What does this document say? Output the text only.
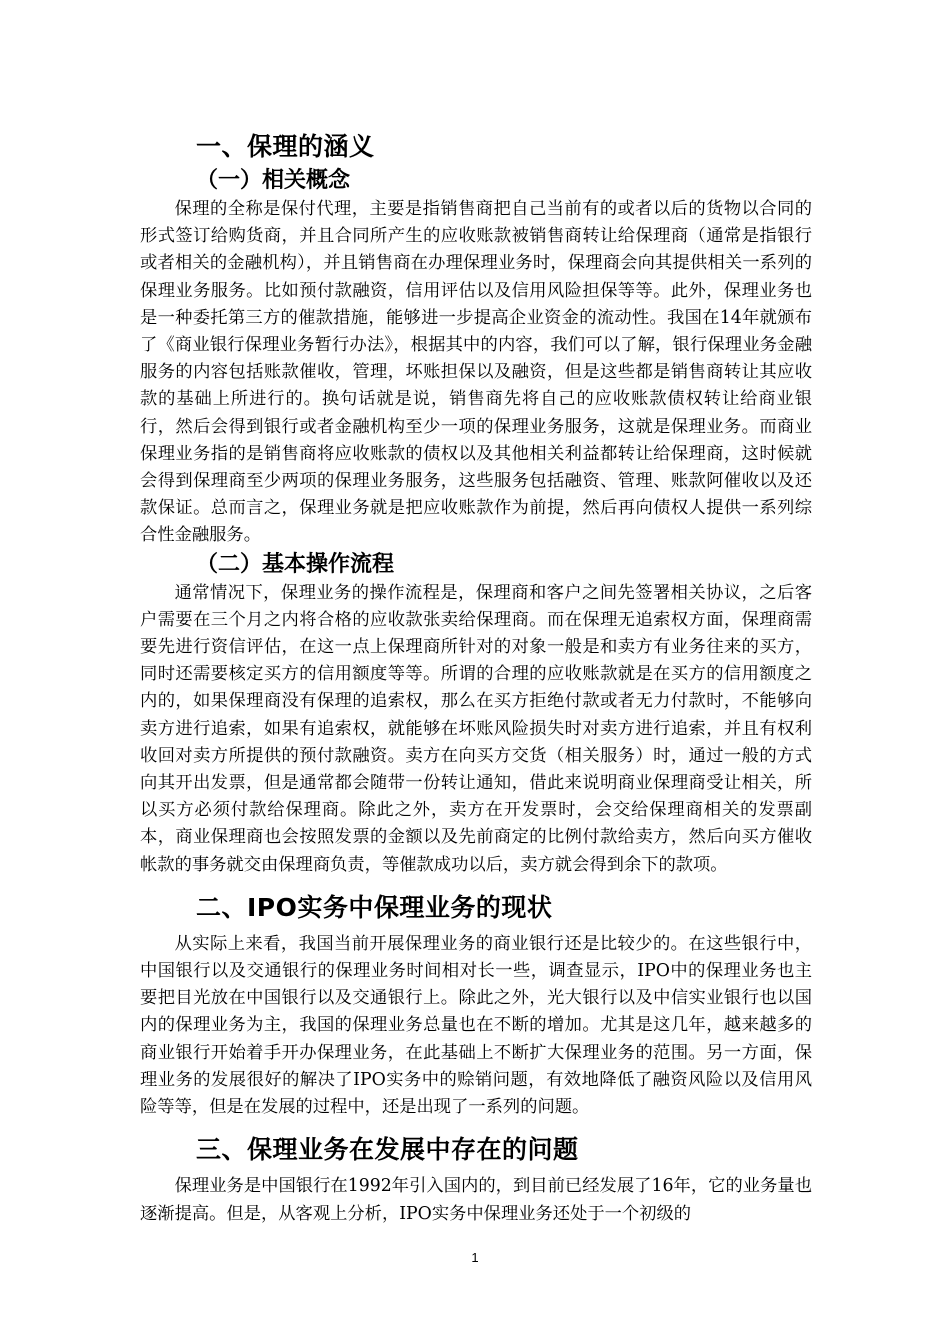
一、保理的涵义
（一）相关概念

保理的全称是保付代理，主要是指销售商把自己当前有的或者以后的货物以合同的形式签订给购货商，并且合同所产生的应收账款被销售商转让给保理商（通常是指银行或者相关的金融机构），并且销售商在办理保理业务时，保理商会向其提供相关一系列的保理业务服务。比如预付款融资，信用评估以及信用风险担保等等。此外，保理业务也是一种委托第三方的催款措施，能够进一步提高企业资金的流动性。我国在14年就颁布了《商业银行保理业务暂行办法》，根据其中的内容，我们可以了解，银行保理业务金融服务的内容包括账款催收，管理，坏账担保以及融资，但是这些都是销售商转让其应收款的基础上所进行的。换句话就是说，销售商先将自己的应收账款债权转让给商业银行，然后会得到银行或者金融机构至少一项的保理业务服务，这就是保理业务。而商业保理业务指的是销售商将应收账款的债权以及其他相关利益都转让给保理商，这时候就会得到保理商至少两项的保理业务服务，这些服务包括融资、管理、账款阿催收以及还款保证。总而言之，保理业务就是把应收账款作为前提，然后再向债权人提供一系列综合性金融服务。

（二）基本操作流程

通常情况下，保理业务的操作流程是，保理商和客户之间先签署相关协议，之后客户需要在三个月之内将合格的应收款张卖给保理商。而在保理无追索权方面，保理商需要先进行资信评估，在这一点上保理商所针对的对象一般是和卖方有业务往来的买方，同时还需要核定买方的信用额度等等。所谓的合理的应收账款就是在买方的信用额度之内的，如果保理商没有保理的追索权，那么在买方拒绝付款或者无力付款时，不能够向卖方进行追索，如果有追索权，就能够在坏账风险损失时对卖方进行追索，并且有权利收回对卖方所提供的预付款融资。卖方在向买方交货（相关服务）时，通过一般的方式向其开出发票，但是通常都会随带一份转让通知，借此来说明商业保理商受让相关，所以买方必须付款给保理商。除此之外，卖方在开发票时，会交给保理商相关的发票副本，商业保理商也会按照发票的金额以及先前商定的比例付款给卖方，然后向买方催收帐款的事务就交由保理商负责，等催款成功以后，卖方就会得到余下的款项。

二、IPO实务中保理业务的现状

从实际上来看，我国当前开展保理业务的商业银行还是比较少的。在这些银行中，中国银行以及交通银行的保理业务时间相对长一些，调查显示，IPO中的保理业务也主要把目光放在中国银行以及交通银行上。除此之外，光大银行以及中信实业银行也以国内的保理业务为主，我国的保理业务总量也在不断的增加。尤其是这几年，越来越多的商业银行开始着手开办保理业务，在此基础上不断扩大保理业务的范围。另一方面，保理业务的发展很好的解决了IPO实务中的赊销问题，有效地降低了融资风险以及信用风险等等，但是在发展的过程中，还是出现了一系列的问题。

三、保理业务在发展中存在的问题

保理业务是中国银行在1992年引入国内的，到目前已经发展了16年，它的业务量也逐渐提高。但是，从客观上分析，IPO实务中保理业务还处于一个初级的

1
